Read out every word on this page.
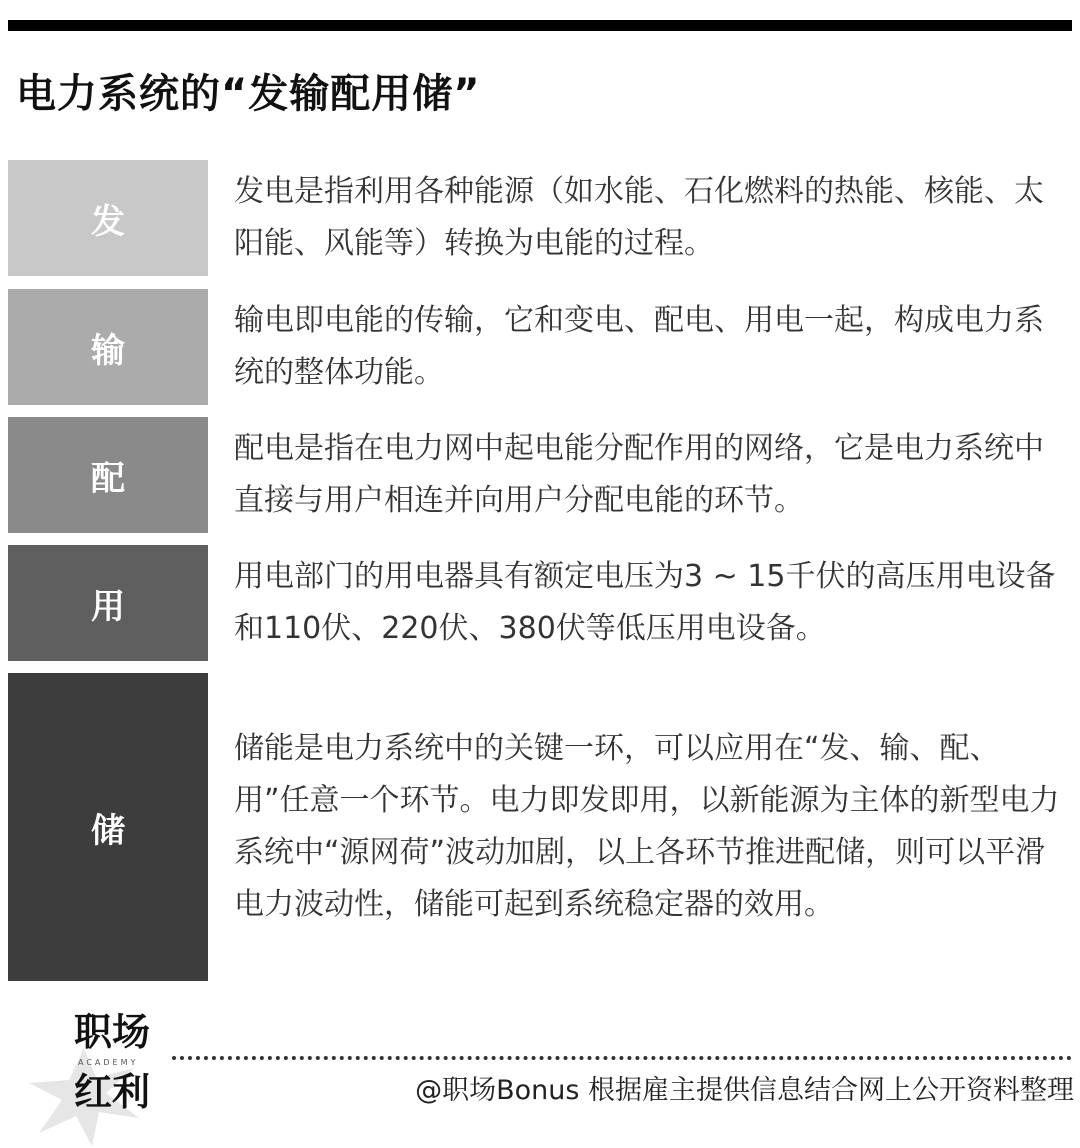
电力系统的“发输配用储”
发
发电是指利用各种能源（如水能、石化燃料的热能、核能、太阳能、风能等）转换为电能的过程。
输
输电即电能的传输，它和变电、配电、用电一起，构成电力系统的整体功能。
配
配电是指在电力网中起电能分配作用的网络，它是电力系统中直接与用户相连并向用户分配电能的环节。
用
用电部门的用电器具有额定电压为3 ~ 15千伏的高压用电设备和110伏、220伏、380伏等低压用电设备。
储
储能是电力系统中的关键一环，可以应用在“发、输、配、用”任意一个环节。电力即发即用，以新能源为主体的新型电力系统中“源网荷”波动加剧，以上各环节推进配储，则可以平滑电力波动性，储能可起到系统稳定器的效用。
职场
ACADEMY
红利	@职场Bonus 根据雇主提供信息结合网上公开资料整理
